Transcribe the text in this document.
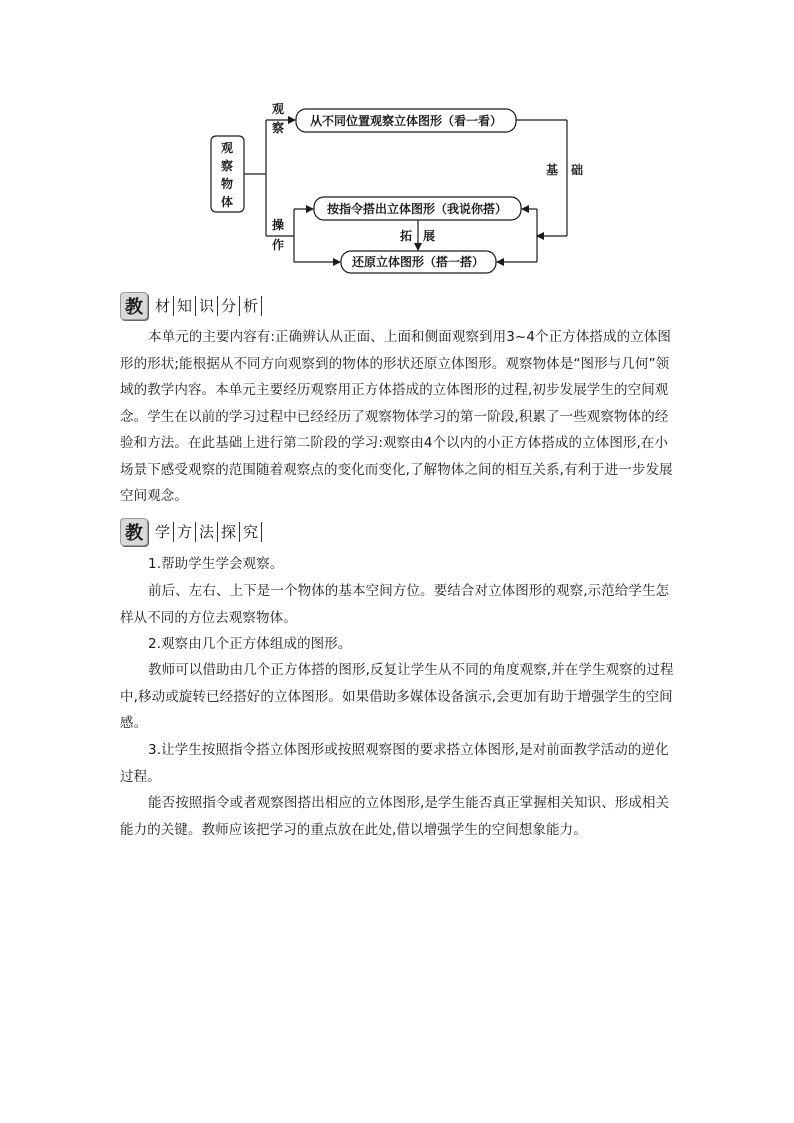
观
察
物
体
观
察
操
作
从不同位置观察立体图形（看一看）
按指令搭出立体图形（我说你搭）
还原立体图形（搭一搭）
基 础
拓 展
教 材 知 识 分 析

本单元的主要内容有:正确辨认从正面、上面和侧面观察到用3~4个正方体搭成的立体图形的形状;能根据从不同方向观察到的物体的形状还原立体图形。观察物体是“图形与几何”领域的教学内容。本单元主要经历观察用正方体搭成的立体图形的过程,初步发展学生的空间观念。学生在以前的学习过程中已经经历了观察物体学习的第一阶段,积累了一些观察物体的经验和方法。在此基础上进行第二阶段的学习:观察由4个以内的小正方体搭成的立体图形,在小场景下感受观察的范围随着观察点的变化而变化,了解物体之间的相互关系,有利于进一步发展空间观念。

教 学 方 法 探 究

1.帮助学生学会观察。

前后、左右、上下是一个物体的基本空间方位。要结合对立体图形的观察,示范给学生怎样从不同的方位去观察物体。

2.观察由几个正方体组成的图形。

教师可以借助由几个正方体搭的图形,反复让学生从不同的角度观察,并在学生观察的过程中,移动或旋转已经搭好的立体图形。如果借助多媒体设备演示,会更加有助于增强学生的空间感。

3.让学生按照指令搭立体图形或按照观察图的要求搭立体图形,是对前面教学活动的逆化过程。

能否按照指令或者观察图搭出相应的立体图形,是学生能否真正掌握相关知识、形成相关能力的关键。教师应该把学习的重点放在此处,借以增强学生的空间想象能力。
